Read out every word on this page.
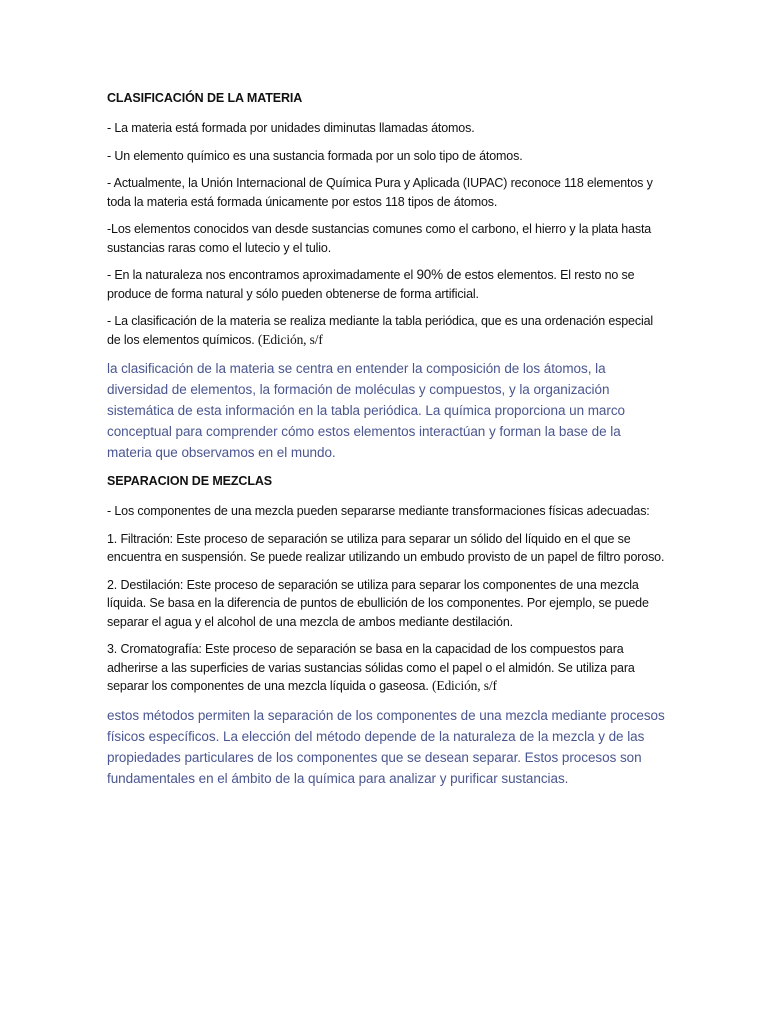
CLASIFICACIÓN DE LA MATERIA

- La materia está formada por unidades diminutas llamadas átomos.

- Un elemento químico es una sustancia formada por un solo tipo de átomos.

- Actualmente, la Unión Internacional de Química Pura y Aplicada (IUPAC) reconoce 118 elementos y toda la materia está formada únicamente por estos 118 tipos de átomos.

-Los elementos conocidos van desde sustancias comunes como el carbono, el hierro y la plata hasta sustancias raras como el lutecio y el tulio.

- En la naturaleza nos encontramos aproximadamente el 90% de estos elementos. El resto no se produce de forma natural y sólo pueden obtenerse de forma artificial.

- La clasificación de la materia se realiza mediante la tabla periódica, que es una ordenación especial de los elementos químicos. (Edición, s/f

la clasificación de la materia se centra en entender la composición de los átomos, la diversidad de elementos, la formación de moléculas y compuestos, y la organización sistemática de esta información en la tabla periódica. La química proporciona un marco conceptual para comprender cómo estos elementos interactúan y forman la base de la materia que observamos en el mundo.

SEPARACION DE MEZCLAS

- Los componentes de una mezcla pueden separarse mediante transformaciones físicas adecuadas:

1. Filtración: Este proceso de separación se utiliza para separar un sólido del líquido en el que se encuentra en suspensión. Se puede realizar utilizando un embudo provisto de un papel de filtro poroso.

2. Destilación: Este proceso de separación se utiliza para separar los componentes de una mezcla líquida. Se basa en la diferencia de puntos de ebullición de los componentes. Por ejemplo, se puede separar el agua y el alcohol de una mezcla de ambos mediante destilación.

3. Cromatografía: Este proceso de separación se basa en la capacidad de los compuestos para adherirse a las superficies de varias sustancias sólidas como el papel o el almidón. Se utiliza para separar los componentes de una mezcla líquida o gaseosa. (Edición, s/f

estos métodos permiten la separación de los componentes de una mezcla mediante procesos físicos específicos. La elección del método depende de la naturaleza de la mezcla y de las propiedades particulares de los componentes que se desean separar. Estos procesos son fundamentales en el ámbito de la química para analizar y purificar sustancias.
